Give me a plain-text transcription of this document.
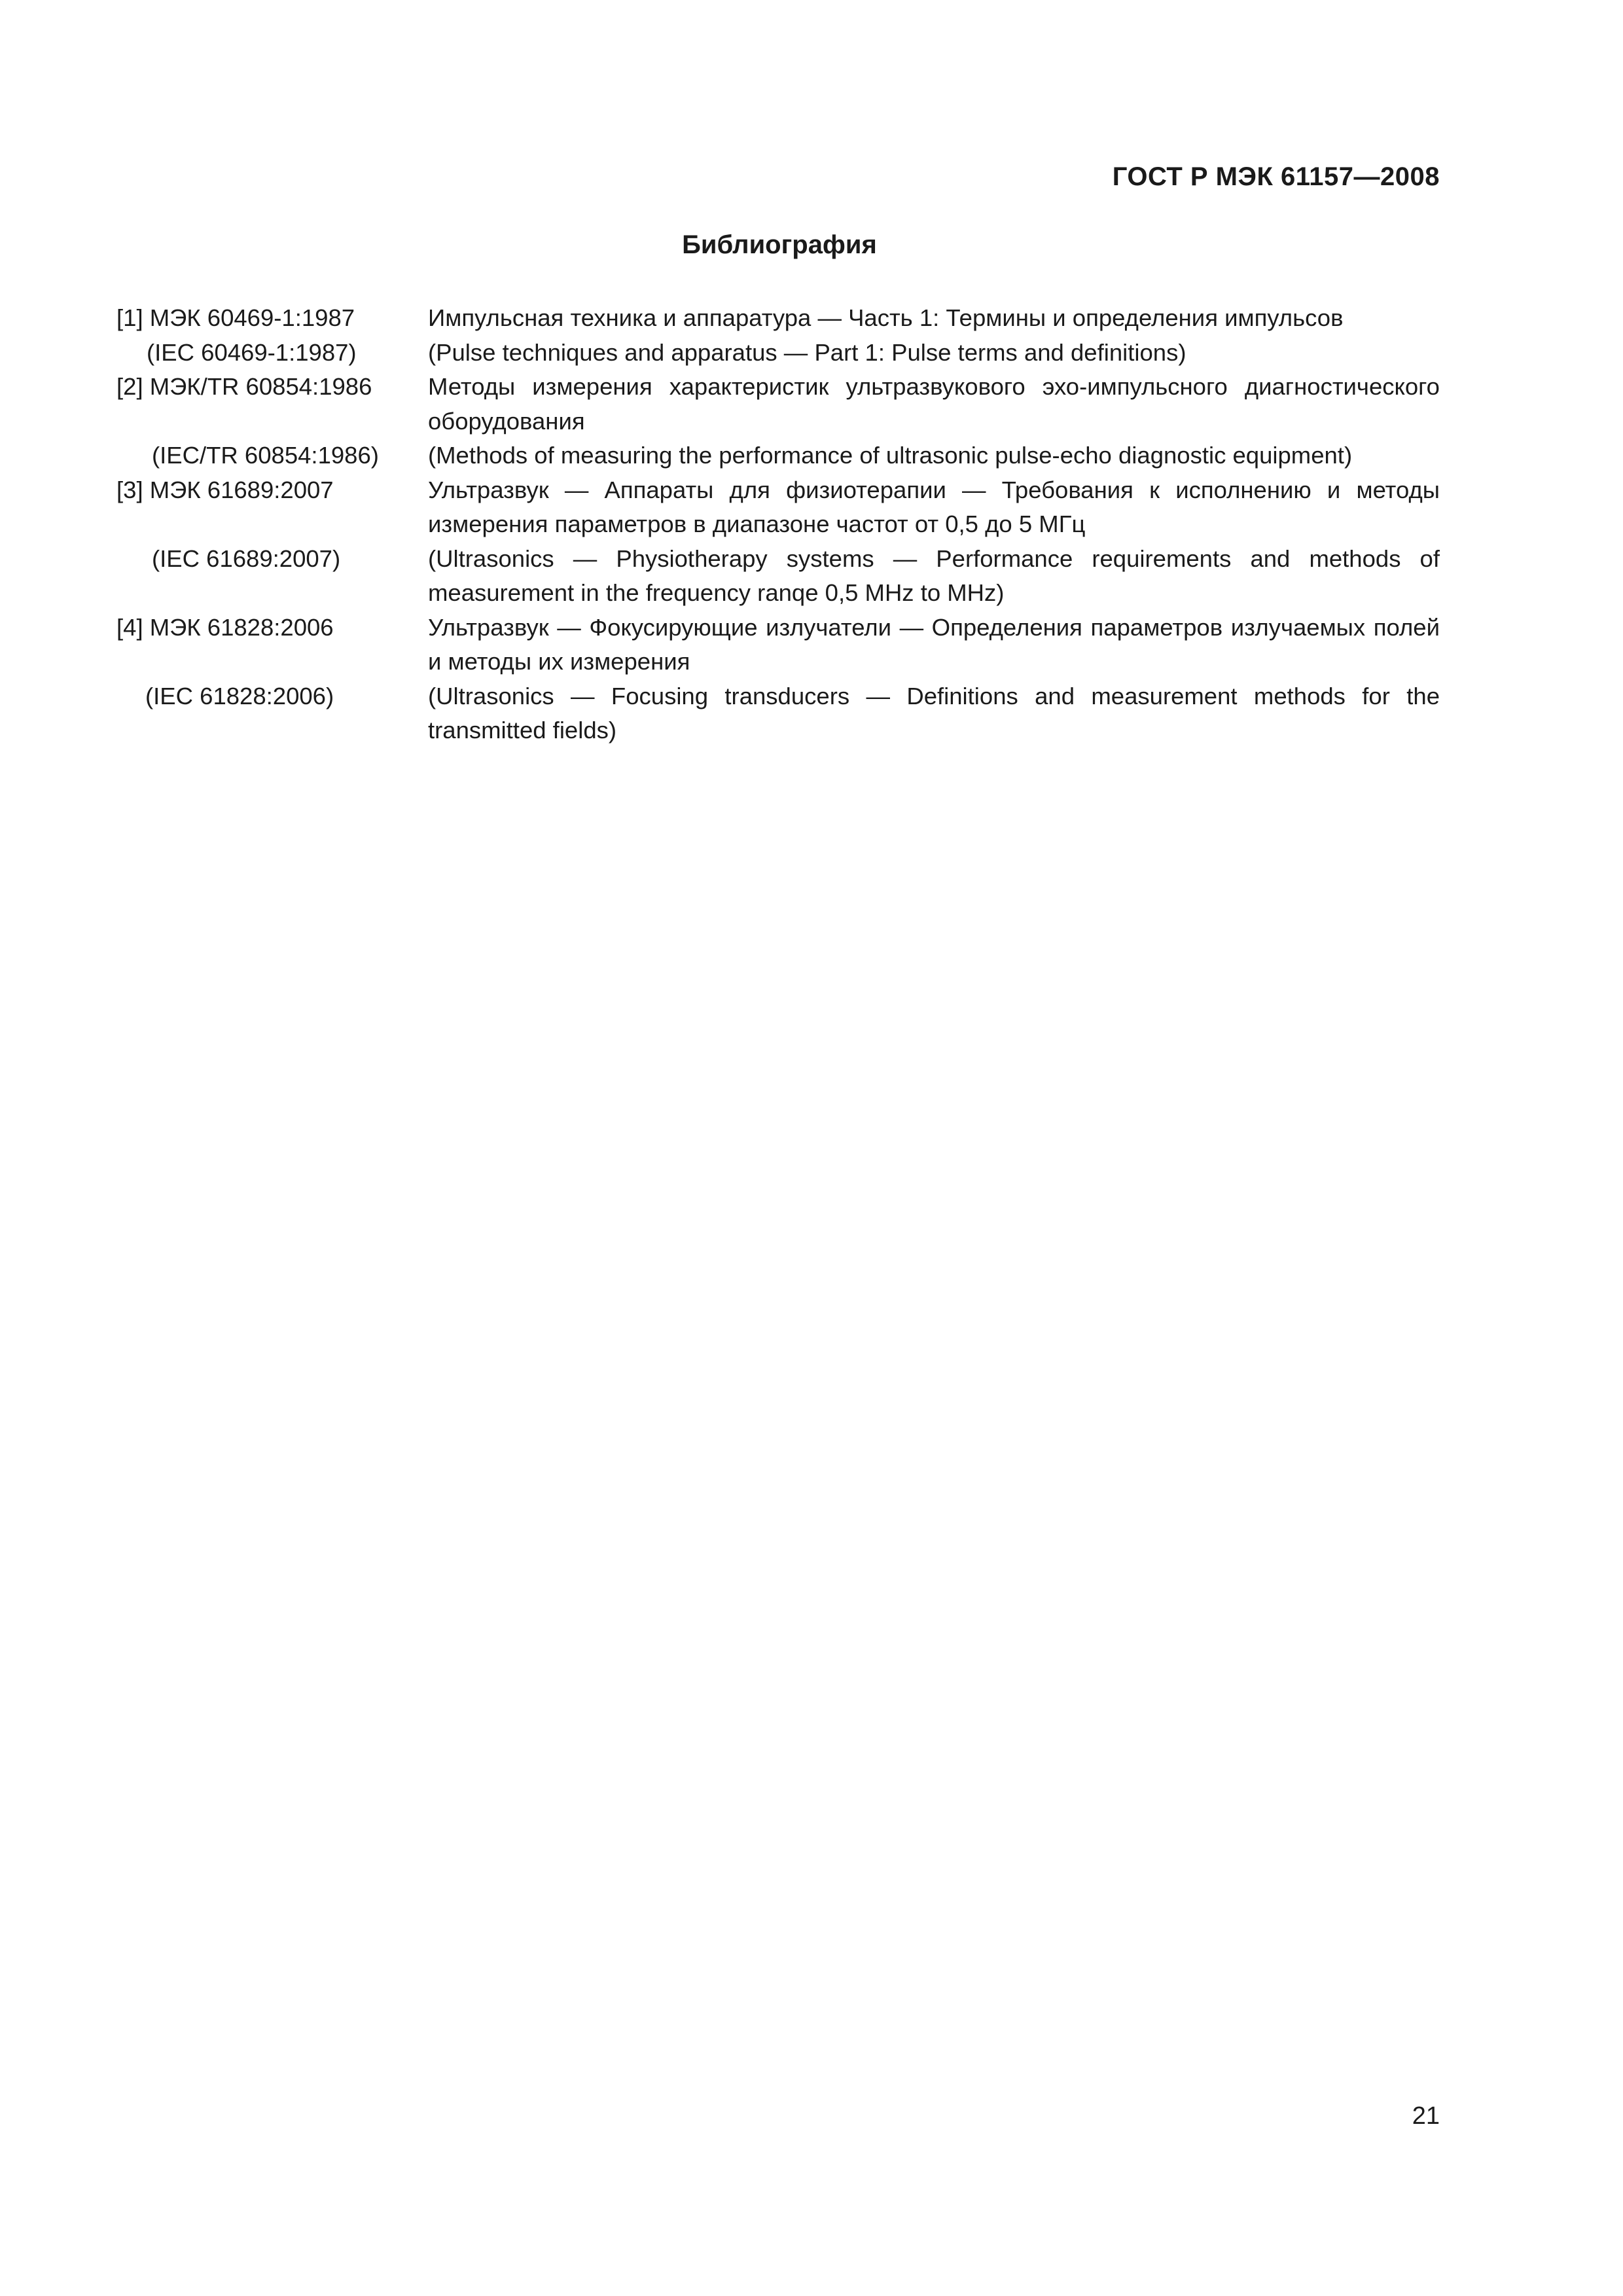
ГОСТ Р МЭК 61157—2008
Библиография
[1] МЭК 60469-1:1987	Импульсная техника и аппаратура — Часть 1: Термины и определения импульсов
(IEC 60469-1:1987)	(Pulse techniques and apparatus — Part 1: Pulse terms and definitions)
[2] МЭК/TR 60854:1986	Методы измерения характеристик ультразвукового эхо-импульсного диагностического оборудования
(IEC/TR 60854:1986)	(Methods of measuring the performance of ultrasonic pulse-echo diagnostic equipment)
[3] МЭК 61689:2007	Ультразвук — Аппараты для физиотерапии — Требования к исполнению и методы измерения параметров в диапазоне частот от 0,5 до 5 МГц
(IEC 61689:2007)	(Ultrasonics — Physiotherapy systems — Performance requirements and methods of measurement in the frequency ranqe 0,5 MHz to MHz)
[4] МЭК 61828:2006	Ультразвук — Фокусирующие излучатели — Определения параметров излучаемых полей и методы их измерения
(IEC 61828:2006)	(Ultrasonics — Focusing transducers — Definitions and measurement methods for the transmitted fields)
21
